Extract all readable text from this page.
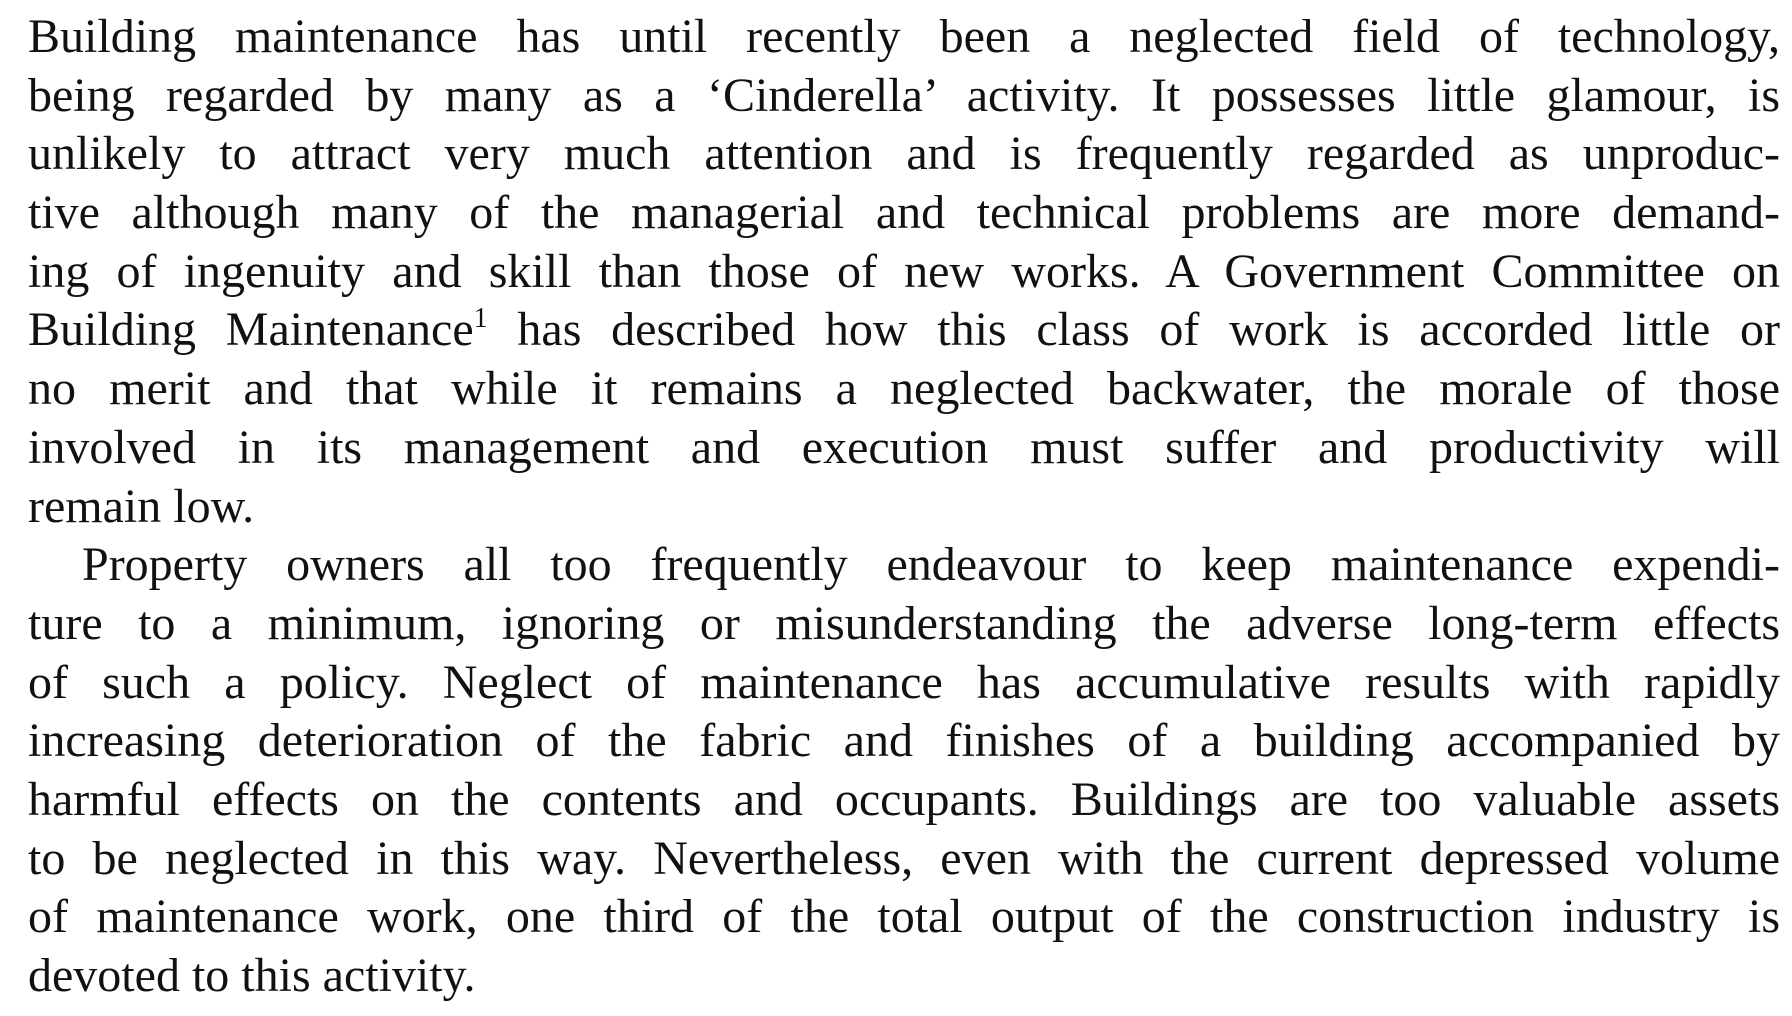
Building maintenance has until recently been a neglected field of technology,
being regarded by many as a ‘Cinderella’ activity. It possesses little glamour, is
unlikely to attract very much attention and is frequently regarded as unproduc-
tive although many of the managerial and technical problems are more demand-
ing of ingenuity and skill than those of new works. A Government Committee on
Building Maintenance$^1$ has described how this class of work is accorded little or
no merit and that while it remains a neglected backwater, the morale of those
involved in its management and execution must suffer and productivity will
remain low.

Property owners all too frequently endeavour to keep maintenance expendi-
ture to a minimum, ignoring or misunderstanding the adverse long-term effects
of such a policy. Neglect of maintenance has accumulative results with rapidly
increasing deterioration of the fabric and finishes of a building accompanied by
harmful effects on the contents and occupants. Buildings are too valuable assets
to be neglected in this way. Nevertheless, even with the current depressed volume
of maintenance work, one third of the total output of the construction industry is
devoted to this activity.
